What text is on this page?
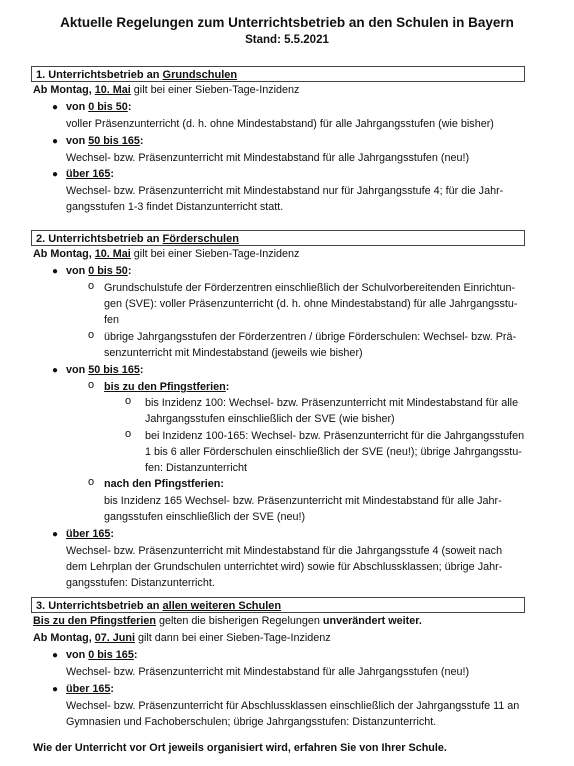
Aktuelle Regelungen zum Unterrichtsbetrieb an den Schulen in Bayern
Stand: 5.5.2021
1. Unterrichtsbetrieb an Grundschulen
Ab Montag, 10. Mai gilt bei einer Sieben-Tage-Inzidenz
● von 0 bis 50:
voller Präsenzunterricht (d. h. ohne Mindestabstand) für alle Jahrgangsstufen (wie bisher)
● von 50 bis 165:
Wechsel- bzw. Präsenzunterricht mit Mindestabstand für alle Jahrgangsstufen (neu!)
● über 165:
Wechsel- bzw. Präsenzunterricht mit Mindestabstand nur für Jahrgangsstufe 4; für die Jahr-
gangsstufen 1-3 findet Distanzunterricht statt.
2. Unterrichtsbetrieb an Förderschulen
Ab Montag, 10. Mai gilt bei einer Sieben-Tage-Inzidenz
● von 0 bis 50:
o Grundschulstufe der Förderzentren einschließlich der Schulvorbereitenden Einrichtun-
gen (SVE): voller Präsenzunterricht (d. h. ohne Mindestabstand) für alle Jahrgangsstu-
fen
o übrige Jahrgangsstufen der Förderzentren / übrige Förderschulen: Wechsel- bzw. Prä-
senzunterricht mit Mindestabstand (jeweils wie bisher)
● von 50 bis 165:
o bis zu den Pfingstferien:
o bis Inzidenz 100: Wechsel- bzw. Präsenzunterricht mit Mindestabstand für alle
Jahrgangsstufen einschließlich der SVE (wie bisher)
o bei Inzidenz 100-165: Wechsel- bzw. Präsenzunterricht für die Jahrgangsstufen
1 bis 6 aller Förderschulen einschließlich der SVE (neu!); übrige Jahrgangsstu-
fen: Distanzunterricht
o nach den Pfingstferien:
bis Inzidenz 165 Wechsel- bzw. Präsenzunterricht mit Mindestabstand für alle Jahr-
gangsstufen einschließlich der SVE (neu!)
● über 165:
Wechsel- bzw. Präsenzunterricht mit Mindestabstand für die Jahrgangsstufe 4 (soweit nach
dem Lehrplan der Grundschulen unterrichtet wird) sowie für Abschlussklassen; übrige Jahr-
gangsstufen: Distanzunterricht.
3. Unterrichtsbetrieb an allen weiteren Schulen
Bis zu den Pfingstferien gelten die bisherigen Regelungen unverändert weiter.
Ab Montag, 07. Juni gilt dann bei einer Sieben-Tage-Inzidenz
● von 0 bis 165:
Wechsel- bzw. Präsenzunterricht mit Mindestabstand für alle Jahrgangsstufen (neu!)
● über 165:
Wechsel- bzw. Präsenzunterricht für Abschlussklassen einschließlich der Jahrgangsstufe 11 an
Gymnasien und Fachoberschulen; übrige Jahrgangsstufen: Distanzunterricht.
Wie der Unterricht vor Ort jeweils organisiert wird, erfahren Sie von Ihrer Schule.
